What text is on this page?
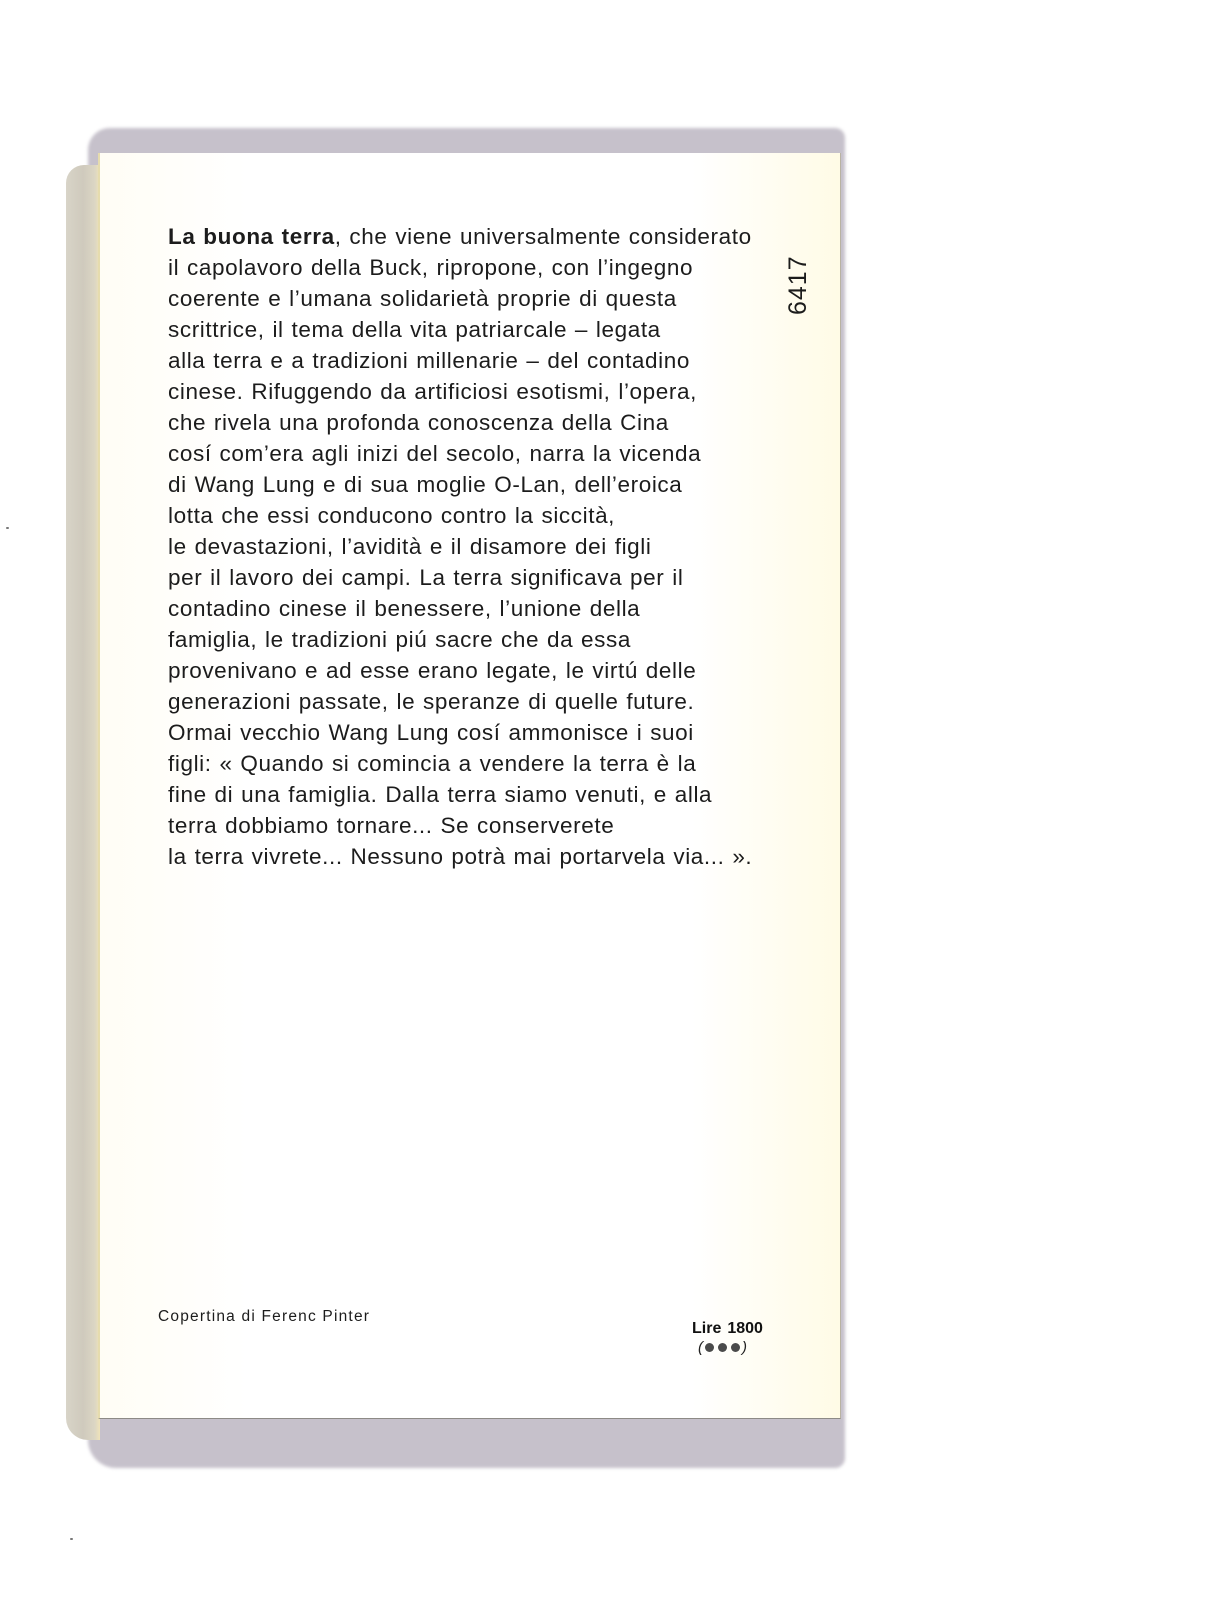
6417
La buona terra, che viene universalmente considerato
il capolavoro della Buck, ripropone, con l’ingegno
coerente e l’umana solidarietà proprie di questa
scrittrice, il tema della vita patriarcale – legata
alla terra e a tradizioni millenarie – del contadino
cinese. Rifuggendo da artificiosi esotismi, l’opera,
che rivela una profonda conoscenza della Cina
cosí com’era agli inizi del secolo, narra la vicenda
di Wang Lung e di sua moglie O-Lan, dell’eroica
lotta che essi conducono contro la siccità,
le devastazioni, l’avidità e il disamore dei figli
per il lavoro dei campi. La terra significava per il
contadino cinese il benessere, l’unione della
famiglia, le tradizioni piú sacre che da essa
provenivano e ad esse erano legate, le virtú delle
generazioni passate, le speranze di quelle future.
Ormai vecchio Wang Lung cosí ammonisce i suoi
figli: « Quando si comincia a vendere la terra è la
fine di una famiglia. Dalla terra siamo venuti, e alla
terra dobbiamo tornare... Se conserverete
la terra vivrete... Nessuno potrà mai portarvela via... ».
Copertina di Ferenc Pinter
Lire 1800
(	)
